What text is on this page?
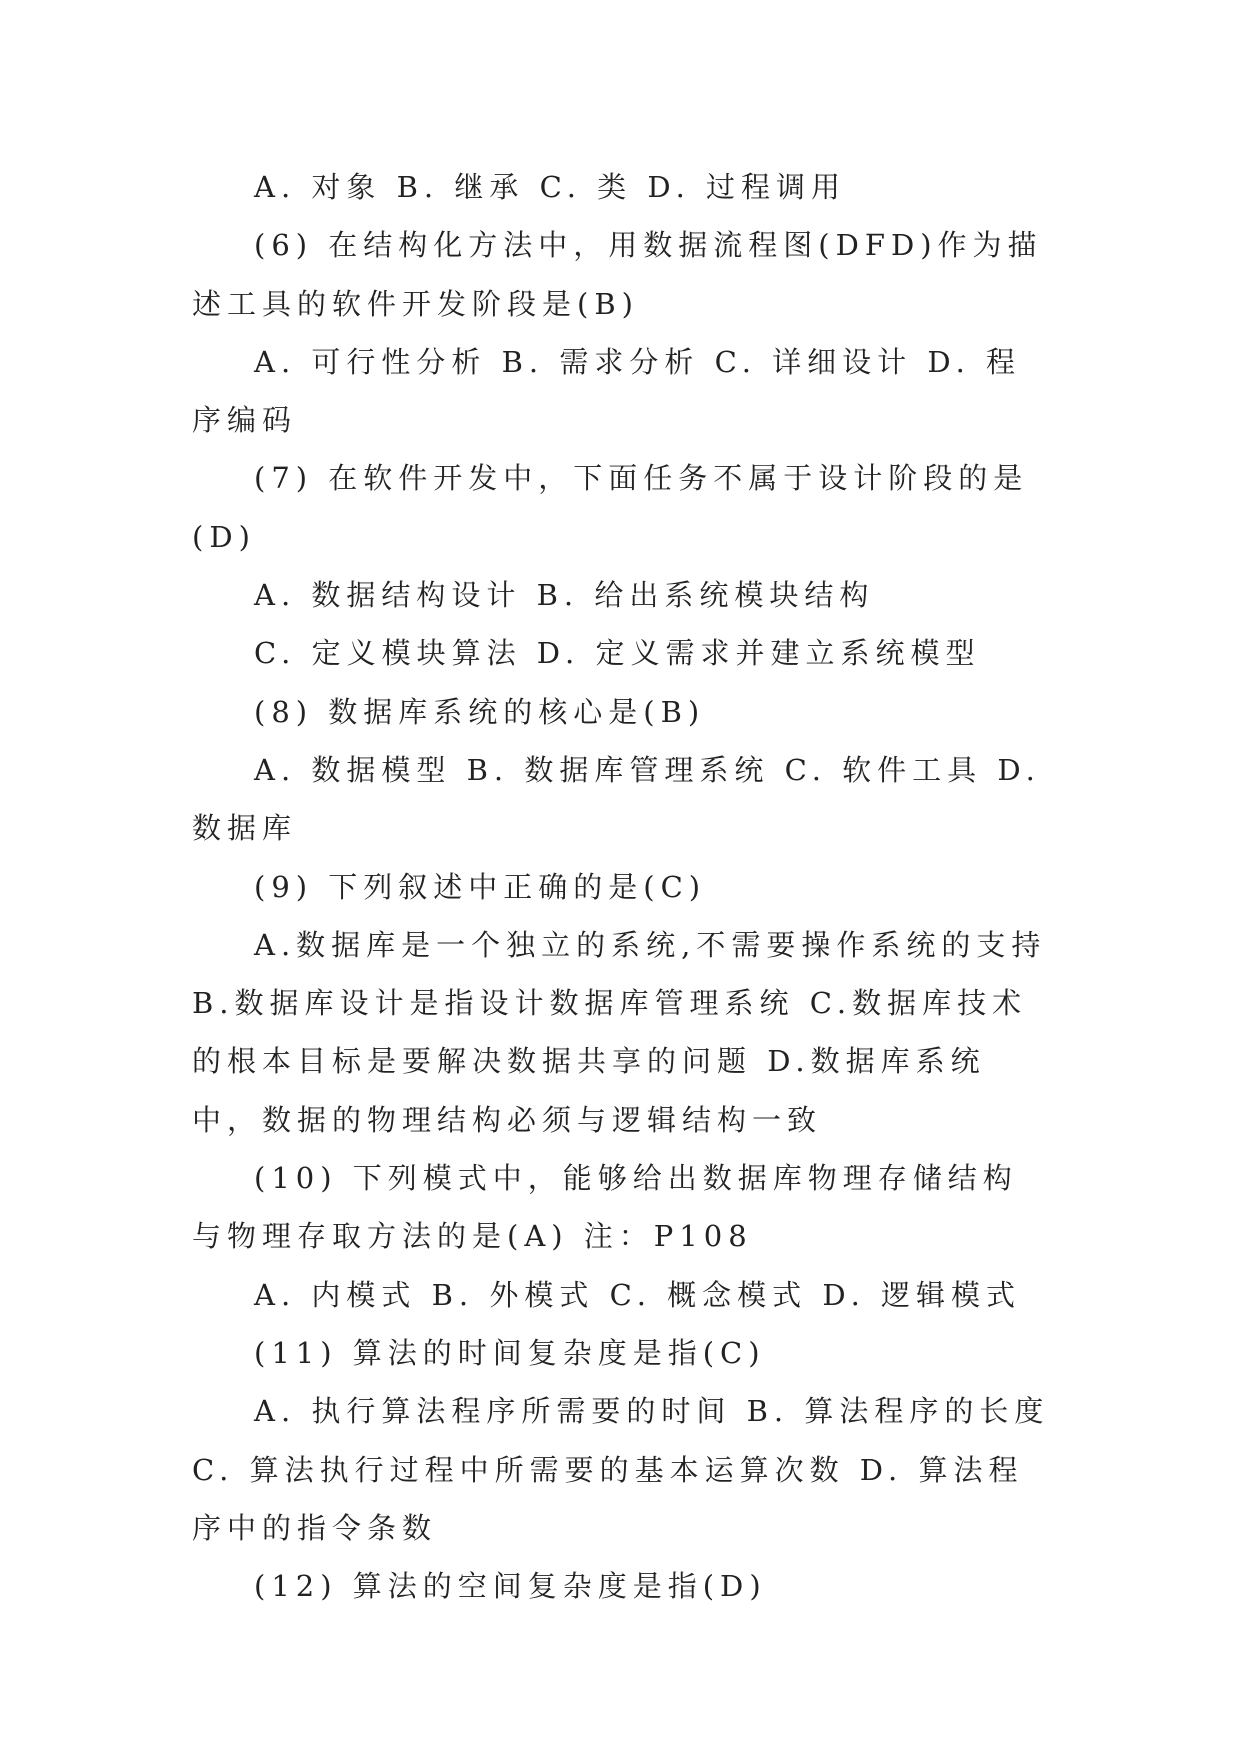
A. 对象 B. 继承 C. 类 D. 过程调用

(6) 在结构化方法中，用数据流程图(DFD)作为描述工具的软件开发阶段是(B)

A. 可行性分析 B. 需求分析 C. 详细设计 D. 程序编码

(7) 在软件开发中，下面任务不属于设计阶段的是(D)

A. 数据结构设计 B. 给出系统模块结构

C. 定义模块算法 D. 定义需求并建立系统模型

(8) 数据库系统的核心是(B)

A. 数据模型 B. 数据库管理系统 C. 软件工具 D. 数据库

(9) 下列叙述中正确的是(C)

A.数据库是一个独立的系统,不需要操作系统的支持 B.数据库设计是指设计数据库管理系统 C.数据库技术的根本目标是要解决数据共享的问题 D.数据库系统中，数据的物理结构必须与逻辑结构一致

(10) 下列模式中，能够给出数据库物理存储结构与物理存取方法的是(A) 注：P108

A. 内模式 B. 外模式 C. 概念模式 D. 逻辑模式

(11) 算法的时间复杂度是指(C)

A. 执行算法程序所需要的时间 B. 算法程序的长度 C. 算法执行过程中所需要的基本运算次数 D. 算法程序中的指令条数

(12) 算法的空间复杂度是指(D)
